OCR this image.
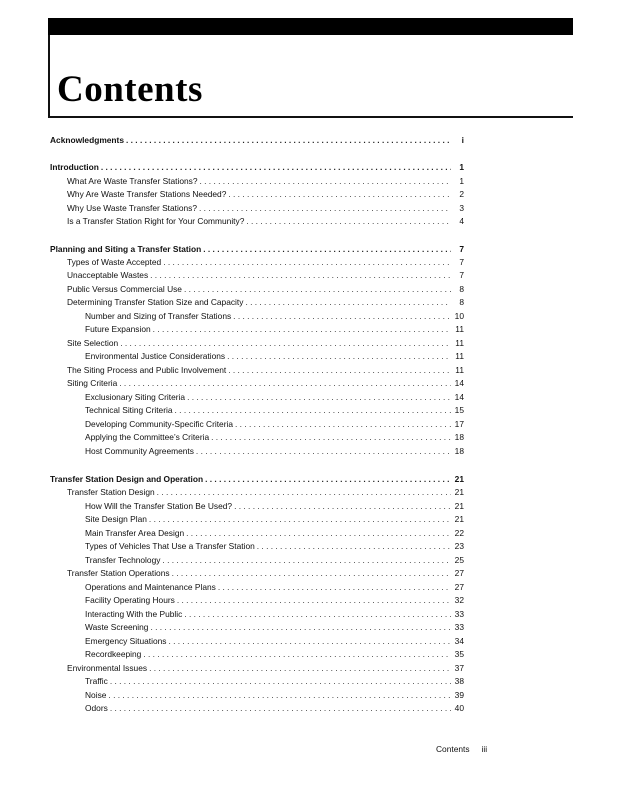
Contents
Acknowledgments . . .	i
Introduction . . .	1
What Are Waste Transfer Stations? . . .	1
Why Are Waste Transfer Stations Needed? . . .	2
Why Use Waste Transfer Stations? . . .	3
Is a Transfer Station Right for Your Community? . . .	4
Planning and Siting a Transfer Station . . .	7
Types of Waste Accepted . . .	7
Unacceptable Wastes . . .	7
Public Versus Commercial Use . . .	8
Determining Transfer Station Size and Capacity . . .	8
Number and Sizing of Transfer Stations . . .	10
Future Expansion . . .	11
Site Selection . . .	11
Environmental Justice Considerations . . .	11
The Siting Process and Public Involvement . . .	11
Siting Criteria . . .	14
Exclusionary Siting Criteria . . .	14
Technical Siting Criteria . . .	15
Developing Community-Specific Criteria . . .	17
Applying the Committee’s Criteria . . .	18
Host Community Agreements . . .	18
Transfer Station Design and Operation . . .	21
Transfer Station Design . . .	21
How Will the Transfer Station Be Used? . . .	21
Site Design Plan . . .	21
Main Transfer Area Design . . .	22
Types of Vehicles That Use a Transfer Station . . .	23
Transfer Technology . . .	25
Transfer Station Operations . . .	27
Operations and Maintenance Plans . . .	27
Facility Operating Hours . . .	32
Interacting With the Public . . .	33
Waste Screening . . .	33
Emergency Situations . . .	34
Recordkeeping . . .	35
Environmental Issues . . .	37
Traffic . . .	38
Noise . . .	39
Odors . . .	40
Contents iii
